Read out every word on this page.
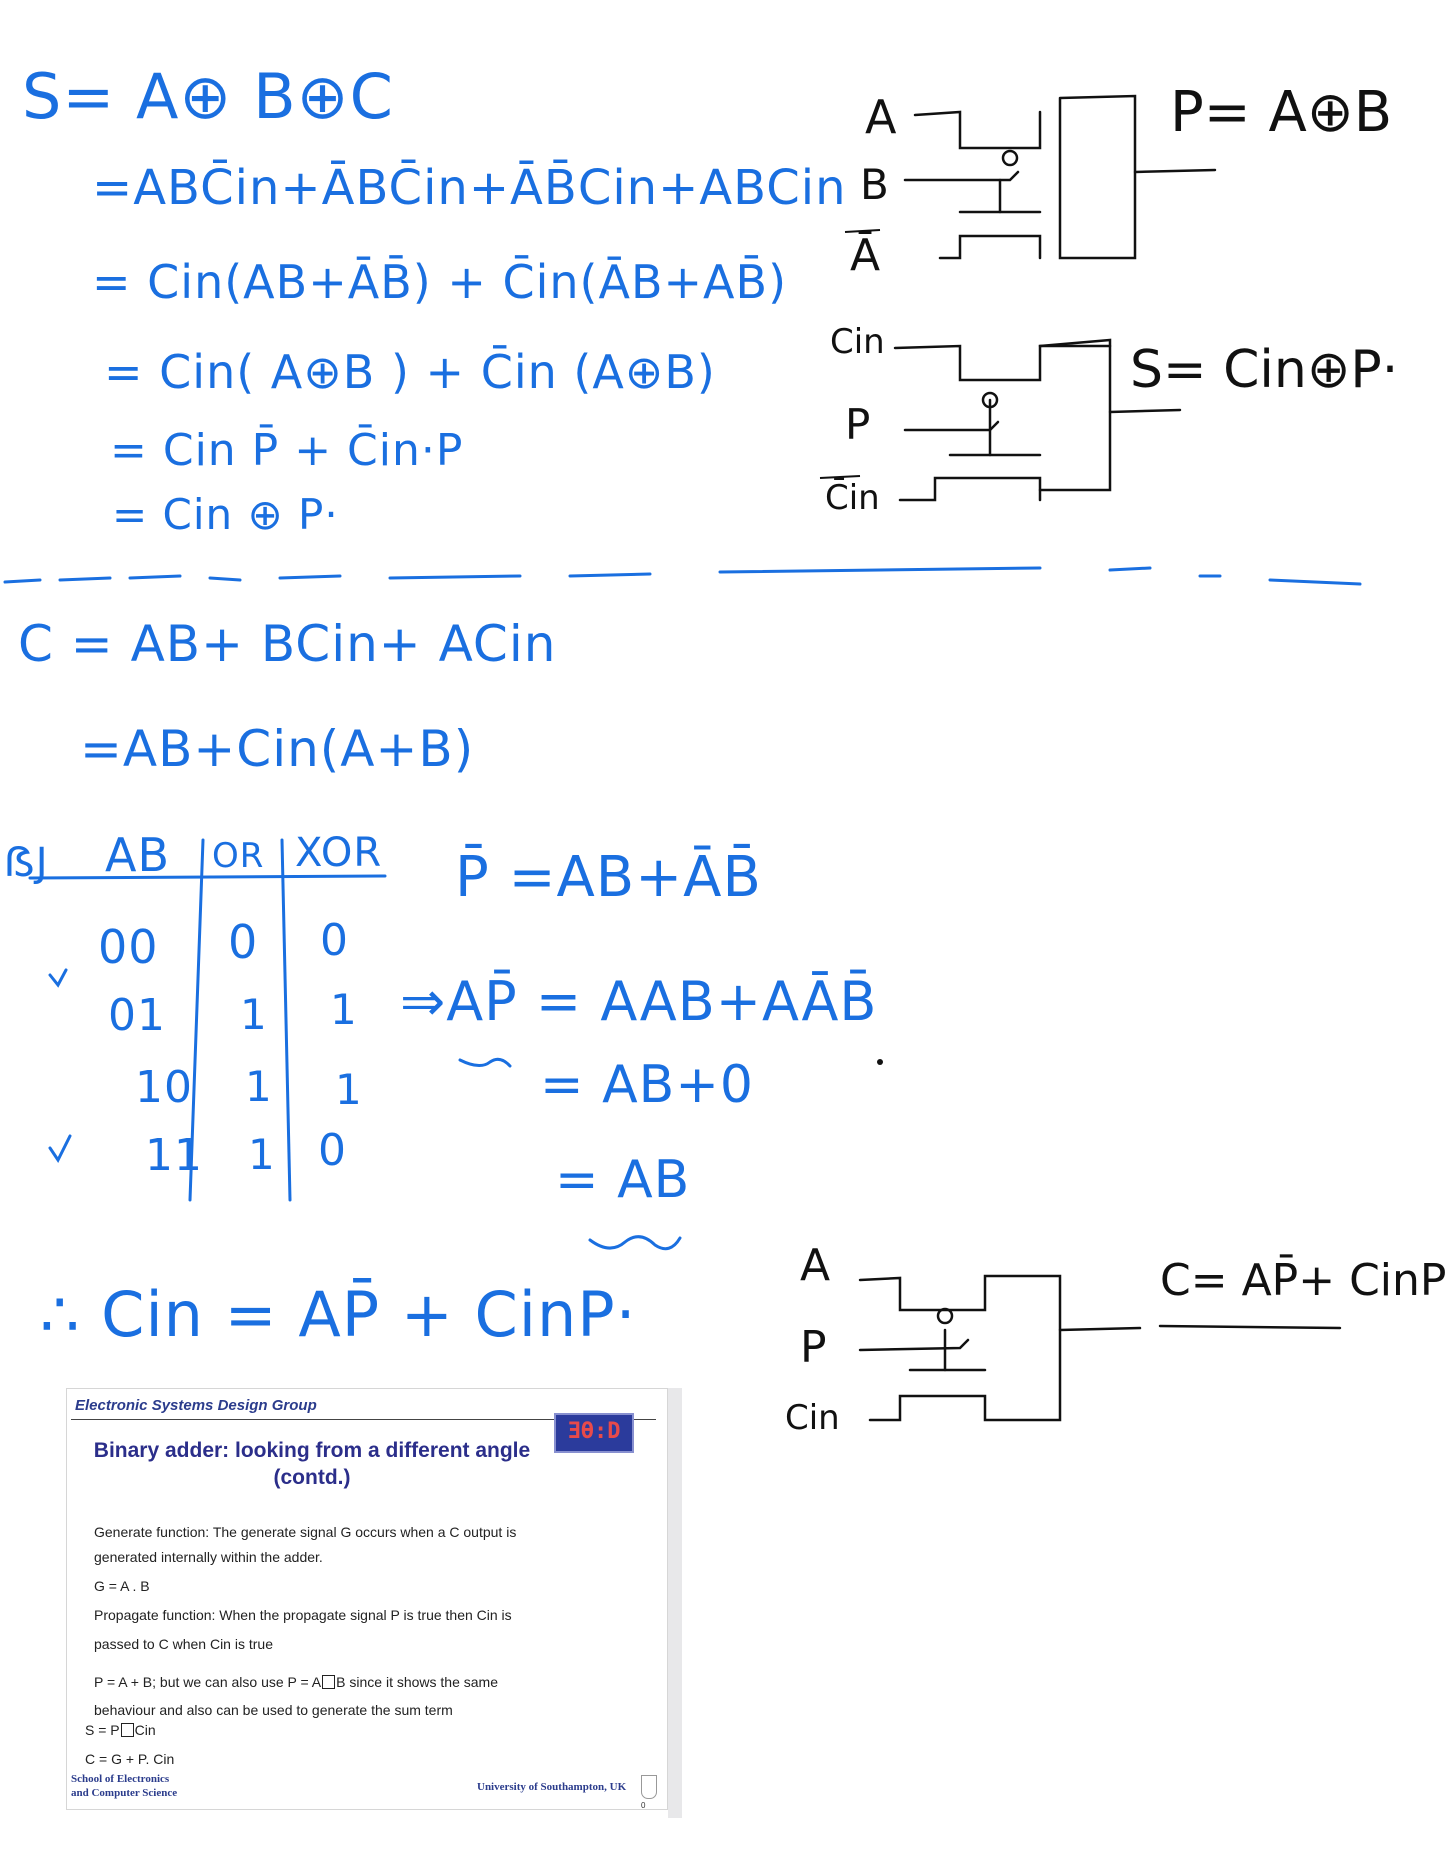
S= A⊕ B⊕C
=ABC̄in+ĀBC̄in+ĀB̄Cin+ABCin
= Cin(AB+ĀB̄) + C̄in(ĀB+AB̄)
= Cin( A⊕B ) + C̄in (A⊕B)
= Cin P̄ + C̄in·P
= Cin ⊕ P·
C = AB+ BCin+ ACin
=AB+Cin(A+B)
ẞJ AB OR XOR
00 0 0
01 1 1
10 1 1
11 1 0
P̄ =AB+ĀB̄
⇒AP̄ = AAB+AĀB̄
= AB+0
= AB
∴ Cin = AP̄ + CinP·
A
B
Ā
P= A⊕B
Cin
P
C̄in
S= Cin⊕P·
A
P
Cin
C= AP̄+ CinP
Electronic Systems Design Group
ƎƟ:D
Binary adder: looking from a different angle
(contd.)
Generate function: The generate signal G occurs when a C output is
generated internally within the adder.
G = A . B
Propagate function: When the propagate signal P is true then Cin is
passed to C when Cin is true
P = A + B; but we can also use P = A B since it shows the same
behaviour and also can be used to generate the sum term
S = P Cin
C = G + P. Cin
School of Electronics
and Computer Science	University of Southampton, UK
0
